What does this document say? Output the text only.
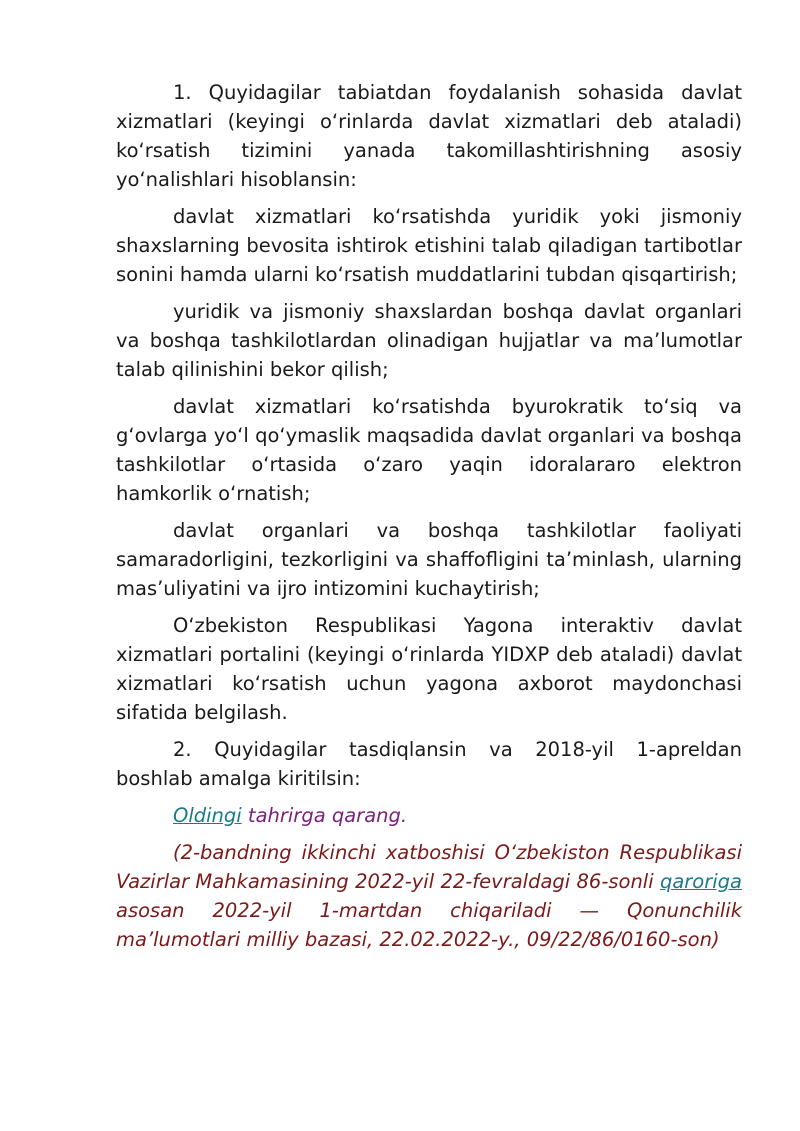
1. Quyidagilar tabiatdan foydalanish sohasida davlat xizmatlari (keyingi o‘rinlarda davlat xizmatlari deb ataladi) ko‘rsatish tizimini yanada takomillashtirishning asosiy yo‘nalishlari hisoblansin:

davlat xizmatlari ko‘rsatishda yuridik yoki jismoniy shaxslarning bevosita ishtirok etishini talab qiladigan tartibotlar sonini hamda ularni ko‘rsatish muddatlarini tubdan qisqartirish;

yuridik va jismoniy shaxslardan boshqa davlat organlari va boshqa tashkilotlardan olinadigan hujjatlar va ma’lumotlar talab qilinishini bekor qilish;

davlat xizmatlari ko‘rsatishda byurokratik to‘siq va g‘ovlarga yo‘l qo‘ymaslik maqsadida davlat organlari va boshqa tashkilotlar o‘rtasida o‘zaro yaqin idoralararo elektron hamkorlik o‘rnatish;

davlat organlari va boshqa tashkilotlar faoliyati samaradorligini, tezkorligini va shaffofligini ta’minlash, ularning mas’uliyatini va ijro intizomini kuchaytirish;

O‘zbekiston Respublikasi Yagona interaktiv davlat xizmatlari portalini (keyingi o‘rinlarda YIDXP deb ataladi) davlat xizmatlari ko‘rsatish uchun yagona axborot maydonchasi sifatida belgilash.

2. Quyidagilar tasdiqlansin va 2018-yil 1-apreldan boshlab amalga kiritilsin:

Oldingi tahrirga qarang.

(2-bandning ikkinchi xatboshisi O‘zbekiston Respublikasi Vazirlar Mahkamasining 2022-yil 22-fevraldagi 86-sonli qaroriga asosan 2022-yil 1-martdan chiqariladi — Qonunchilik ma’lumotlari milliy bazasi, 22.02.2022-y., 09/22/86/0160-son)
